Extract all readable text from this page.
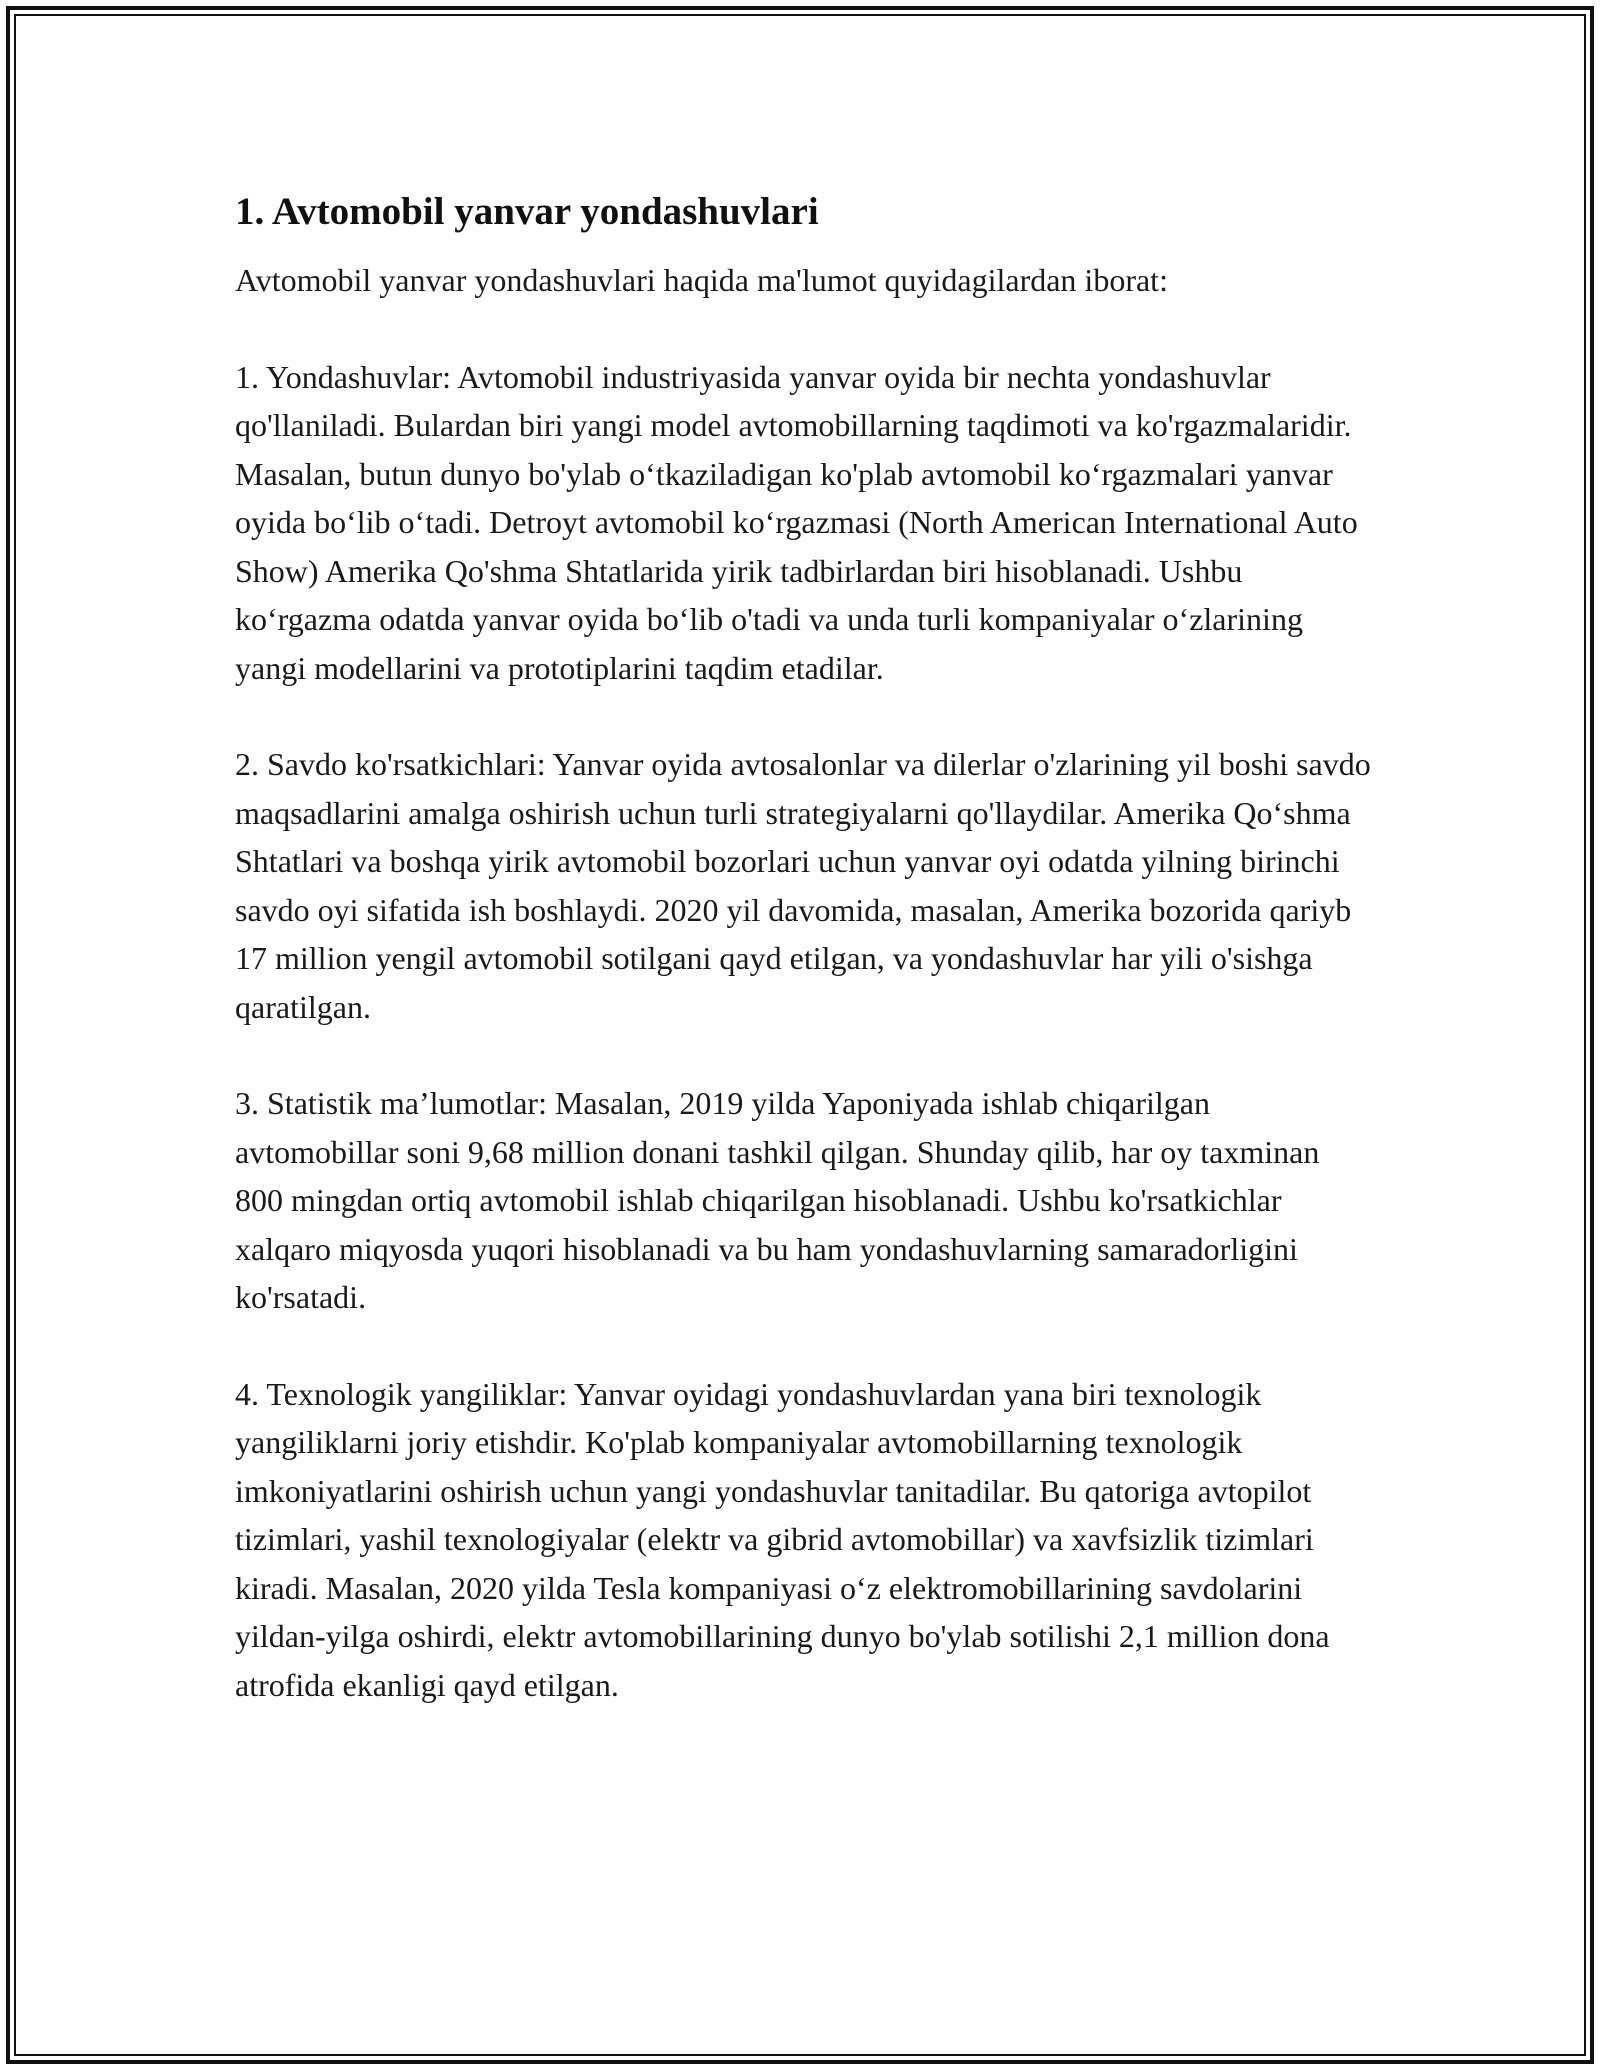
1. Avtomobil yanvar yondashuvlari

Avtomobil yanvar yondashuvlari haqida ma'lumot quyidagilardan iborat:

1. Yondashuvlar: Avtomobil industriyasida yanvar oyida bir nechta yondashuvlar qo'llaniladi. Bulardan biri yangi model avtomobillarning taqdimoti va ko'rgazmalaridir. Masalan, butun dunyo bo'ylab o‘tkaziladigan ko'plab avtomobil ko‘rgazmalari yanvar oyida bo‘lib o‘tadi. Detroyt avtomobil ko‘rgazmasi (North American International Auto Show) Amerika Qo'shma Shtatlarida yirik tadbirlardan biri hisoblanadi. Ushbu ko‘rgazma odatda yanvar oyida bo‘lib o'tadi va unda turli kompaniyalar o‘zlarining yangi modellarini va prototiplarini taqdim etadilar.

2. Savdo ko'rsatkichlari: Yanvar oyida avtosalonlar va dilerlar o'zlarining yil boshi savdo maqsadlarini amalga oshirish uchun turli strategiyalarni qo'llaydilar. Amerika Qo‘shma Shtatlari va boshqa yirik avtomobil bozorlari uchun yanvar oyi odatda yilning birinchi savdo oyi sifatida ish boshlaydi. 2020 yil davomida, masalan, Amerika bozorida qariyb 17 million yengil avtomobil sotilgani qayd etilgan, va yondashuvlar har yili o'sishga qaratilgan.

3. Statistik ma’lumotlar: Masalan, 2019 yilda Yaponiyada ishlab chiqarilgan avtomobillar soni 9,68 million donani tashkil qilgan. Shunday qilib, har oy taxminan 800 mingdan ortiq avtomobil ishlab chiqarilgan hisoblanadi. Ushbu ko'rsatkichlar xalqaro miqyosda yuqori hisoblanadi va bu ham yondashuvlarning samaradorligini ko'rsatadi.

4. Texnologik yangiliklar: Yanvar oyidagi yondashuvlardan yana biri texnologik yangiliklarni joriy etishdir. Ko'plab kompaniyalar avtomobillarning texnologik imkoniyatlarini oshirish uchun yangi yondashuvlar tanitadilar. Bu qatoriga avtopilot tizimlari, yashil texnologiyalar (elektr va gibrid avtomobillar) va xavfsizlik tizimlari kiradi. Masalan, 2020 yilda Tesla kompaniyasi o‘z elektromobillarining savdolarini yildan-yilga oshirdi, elektr avtomobillarining dunyo bo'ylab sotilishi 2,1 million dona atrofida ekanligi qayd etilgan.
